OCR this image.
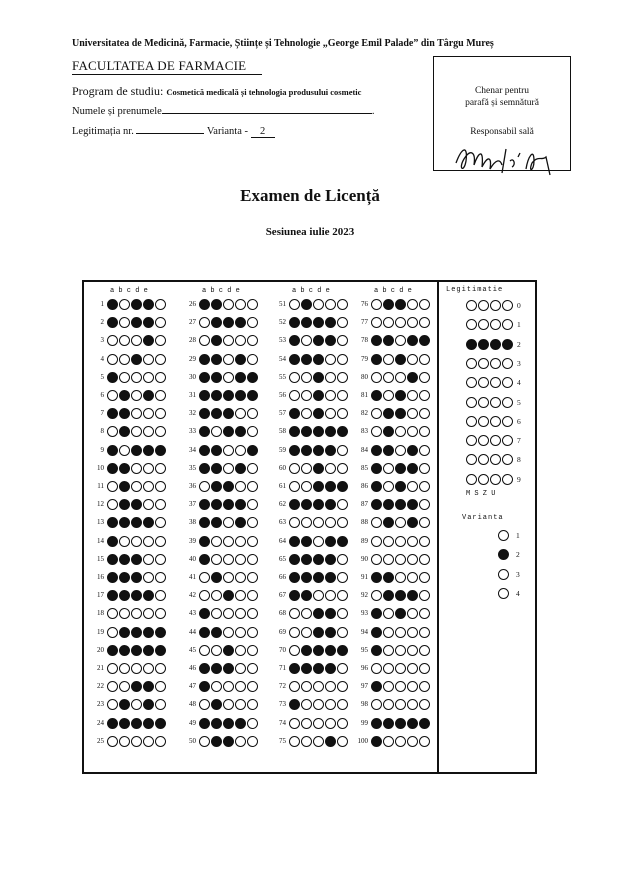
Universitatea de Medicină, Farmacie, Științe și Tehnologie „George Emil Palade” din Târgu Mureș
FACULTATEA DE FARMACIE
Program de studiu: Cosmetică medicală și tehnologia produsului cosmetic
Numele și prenumele	.
Legitimația nr.	Varianta - 2
Chenar pentru
parafă și semnătură
Responsabil sală
Examen de Licență
Sesiunea iulie 2023
a b c d e
1
2
3
4
5
6
7
8
9
10
11
12
13
14
15
16
17
18
19
20
21
22
23
24
25
a b c d e
26
27
28
29
30
31
32
33
34
35
36
37
38
39
40
41
42
43
44
45
46
47
48
49
50
a b c d e
51
52
53
54
55
56
57
58
59
60
61
62
63
64
65
66
67
68
69
70
71
72
73
74
75
a b c d e
76
77
78
79
80
81
82
83
84
85
86
87
88
89
90
91
92
93
94
95
96
97
98
99
100
Legitimatie
0
1
2
3
4
5
6
7
8
9
M S Z U
Varianta
1
2
3
4
